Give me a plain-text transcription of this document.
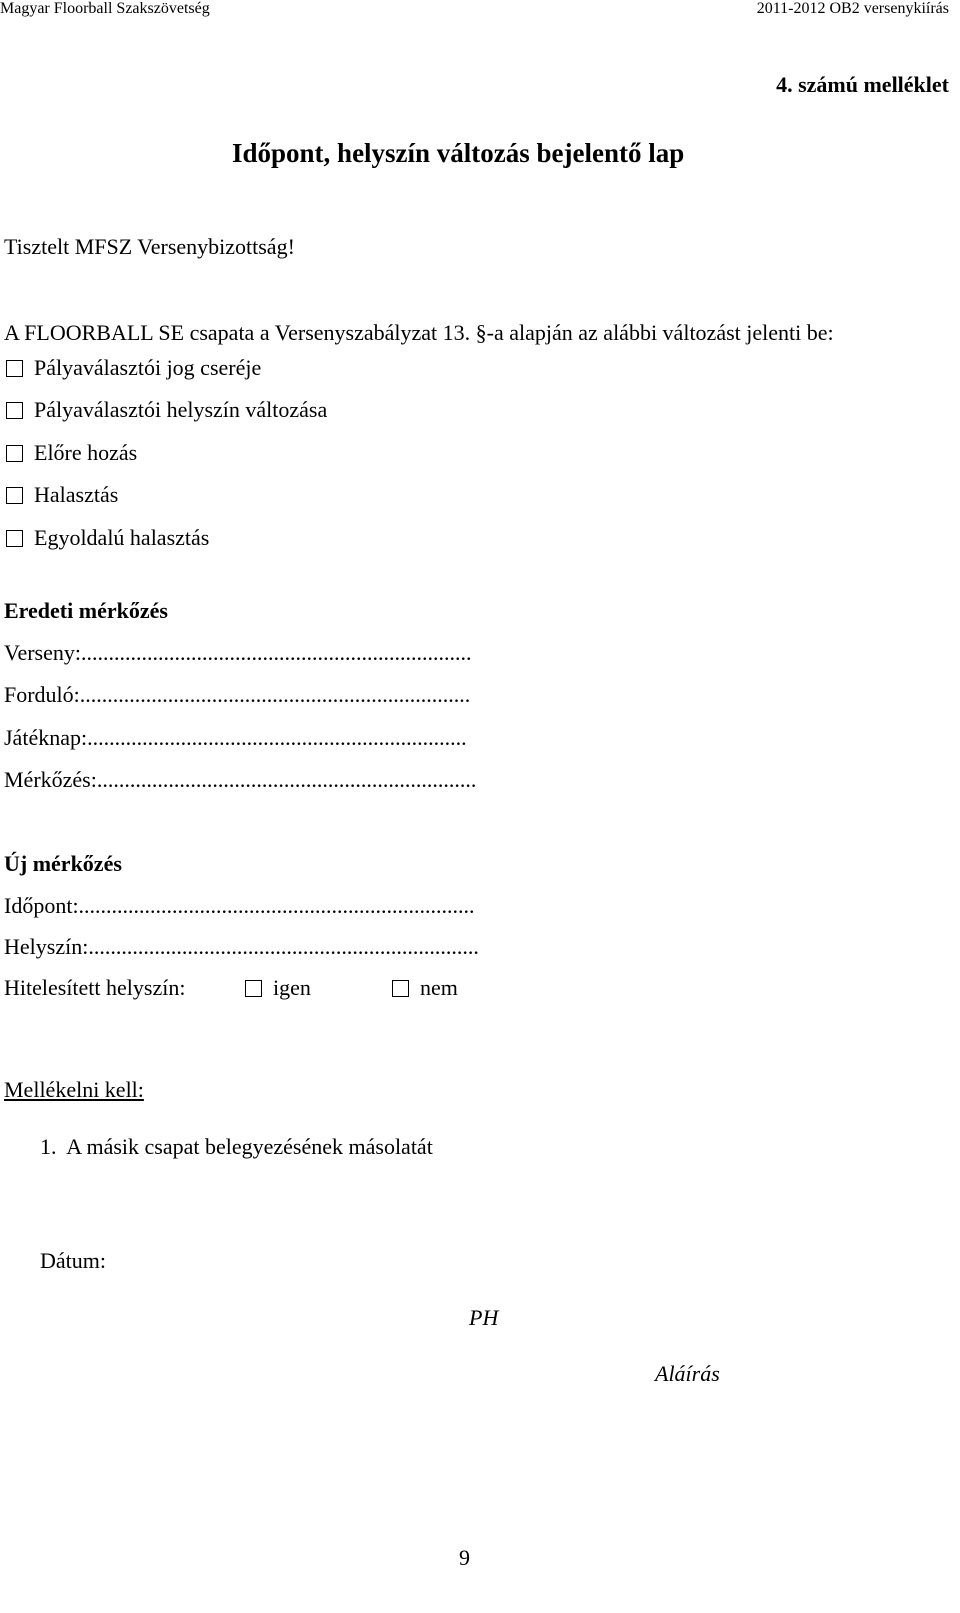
Magyar Floorball Szakszövetség	2011-2012 OB2 versenykiírás
4. számú melléklet
Időpont, helyszín változás bejelentő lap
Tisztelt MFSZ Versenybizottság!
A FLOORBALL SE csapata a Versenyszabályzat 13. §-a alapján az alábbi változást jelenti be:
Pályaválasztói jog cseréje
Pályaválasztói helyszín változása
Előre hozás
Halasztás
Egyoldalú halasztás
Eredeti mérkőzés
Verseny:.......................................................................
Forduló:.......................................................................
Játéknap:.....................................................................
Mérkőzés:.....................................................................
Új mérkőzés
Időpont:........................................................................
Helyszín:.......................................................................
Hitelesített helyszín:	igen	nem
Mellékelni kell:
1.  A másik csapat belegyezésének másolatát
Dátum:
PH
Aláírás
9
